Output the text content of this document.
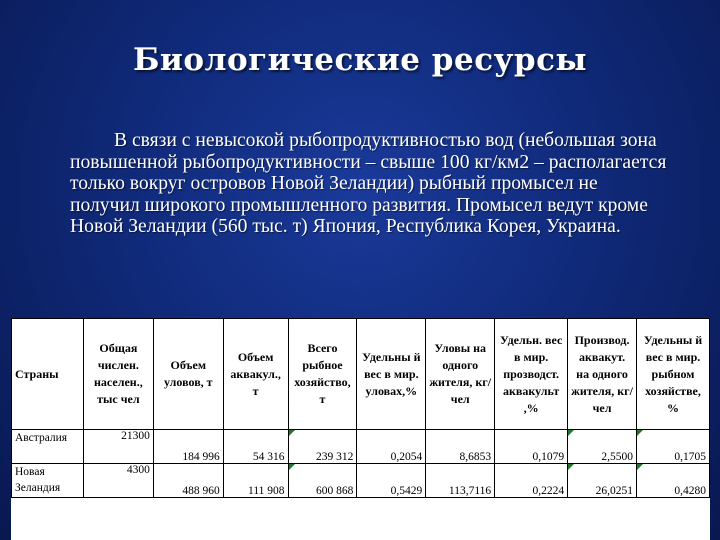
Биологические ресурсы
В связи с невысокой рыбопродуктивностью вод (небольшая зона повышенной рыбопродуктивности – свыше 100 кг/км2 – располагается только вокруг островов Новой Зеландии) рыбный промысел не получил широкого промышленного развития. Промысел ведут кроме Новой Зеландии (560 тыс. т) Япония, Республика Корея, Украина.
Страны	Общая числен. населен., тыс чел	Объем уловов, т	Объем аквакул., т	Всего рыбное хозяйство, т	Удельны й вес в мир. уловах,%	Уловы на одного жителя, кг/чел	Удельн. вес в мир. прозводст. аквакульт ,%	Производ. аквакут. на одного жителя, кг/чел	Удельны й вес в мир. рыбном хозяйстве, %
Австралия	21300	184 996	54 316	239 312	0,2054	8,6853	0,1079	2,5500	0,1705
Новая Зеландия	4300	488 960	111 908	600 868	0,5429	113,7116	0,2224	26,0251	0,4280
